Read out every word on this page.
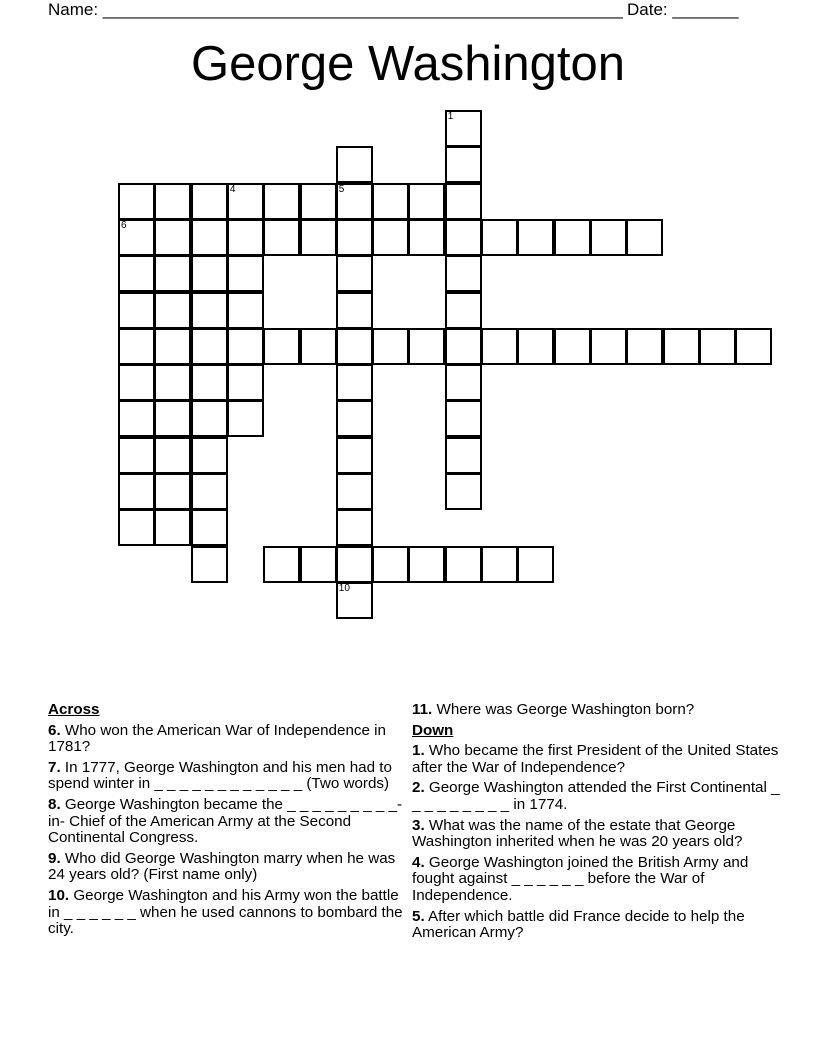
Name: _______________________________________________________ Date: _______
George Washington
5
10
1
4
6
Across
6. Who won the American War of Independence in 1781?
7. In 1777, George Washington and his men had to spend winter in _ _ _ _ _ _ _ _ _ _ _ _ (Two words)
8. George Washington became the _ _ _ _ _ _ _ _ _- in- Chief of the American Army at the Second Continental Congress.
9. Who did George Washington marry when he was 24 years old? (First name only)
10. George Washington and his Army won the battle in _ _ _ _ _ _ when he used cannons to bombard the city.
11. Where was George Washington born?
Down
1. Who became the first President of the United States after the War of Independence?
2. George Washington attended the First Continental _ _ _ _ _ _ _ _ _ in 1774.
3. What was the name of the estate that George Washington inherited when he was 20 years old?
4. George Washington joined the British Army and fought against _ _ _ _ _ _ before the War of Independence.
5. After which battle did France decide to help the American Army?
